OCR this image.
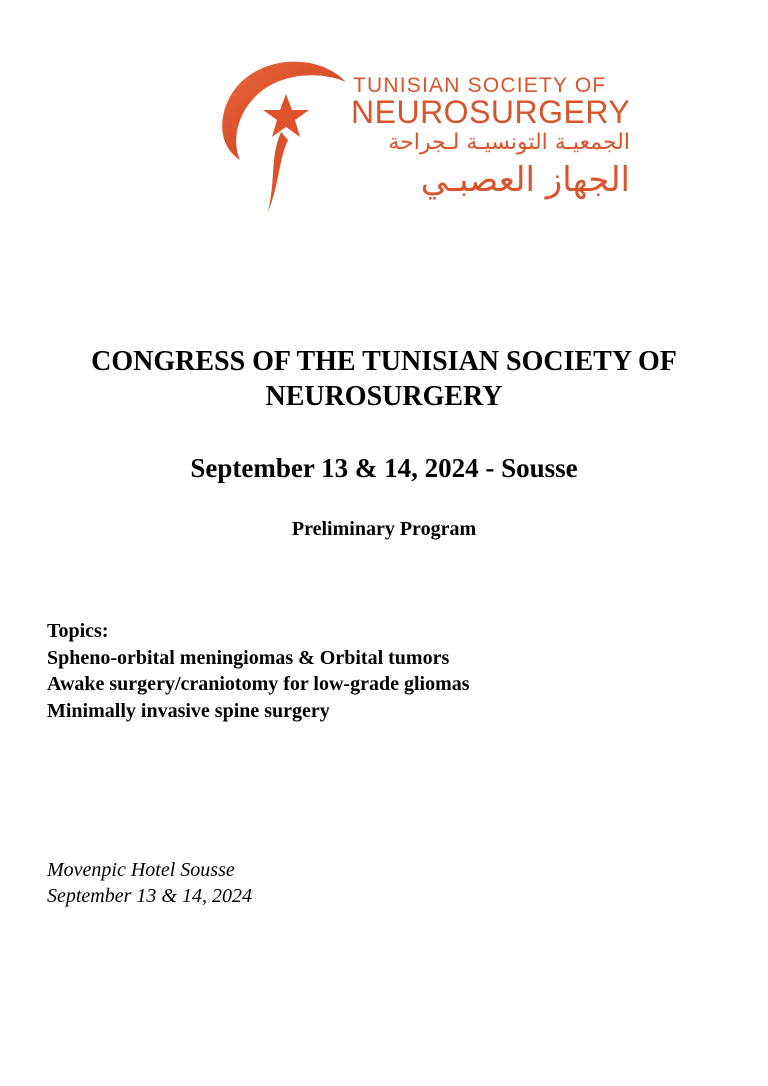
TUNISIAN SOCIETY OF
NEUROSURGERY
الجمعيـة التونسيـة لـجراحة
الجهاز العصبـي
CONGRESS OF THE TUNISIAN SOCIETY OF NEUROSURGERY
September 13 & 14, 2024 - Sousse
Preliminary Program
Topics:
Spheno-orbital meningiomas & Orbital tumors
Awake surgery/craniotomy for low-grade gliomas
Minimally invasive spine surgery
Movenpic Hotel Sousse
September 13 & 14, 2024
